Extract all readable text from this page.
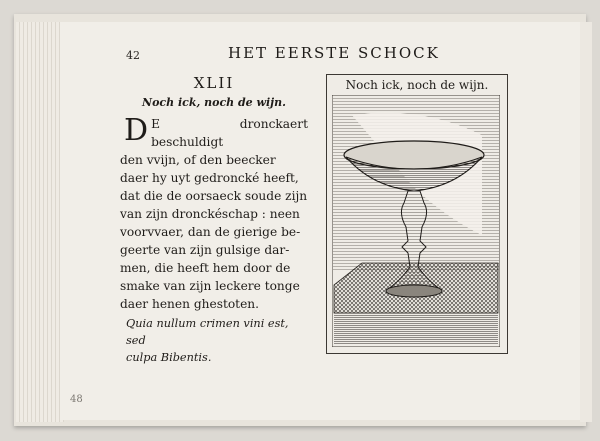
42	HET EERSTE SCHOCK
XLII
Noch ick, noch de wijn.
D E dronckaert beschuldigt
den vvijn, of den beecker
daer hy uyt gedroncké heeft,
dat die de oorsaeck soude zijn
van zijn dronckéschap : neen
voorvvaer, dan de gierige be-
geerte van zijn gulsige dar-
men, die heeft hem door de
smake van zijn leckere tonge
daer henen ghestoten.
Quia nullum crimen vini est, sed
culpa Bibentis.
Noch ick, noch de wijn.
48
